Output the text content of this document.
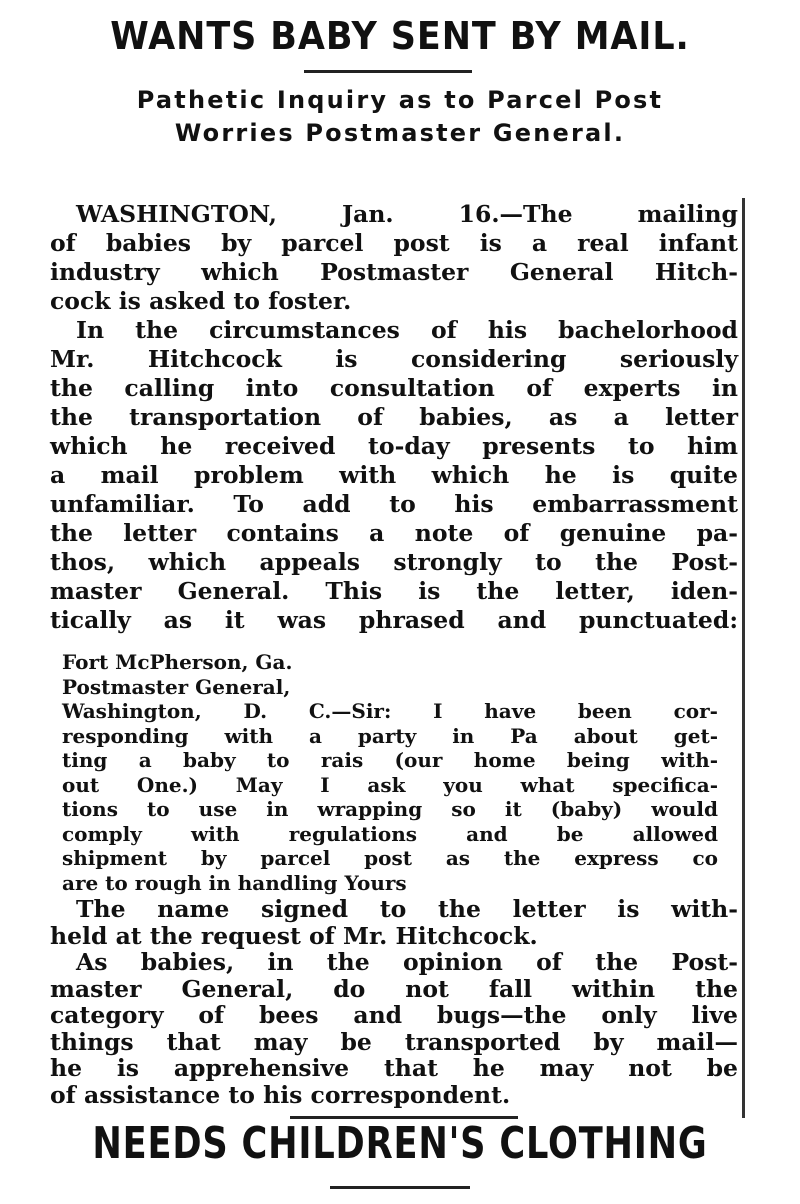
WANTS BABY SENT BY MAIL.
Pathetic Inquiry as to Parcel Post
Worries Postmaster General.
WASHINGTON, Jan. 16.—The mailing
of babies by parcel post is a real infant
industry which Postmaster General Hitch-
cock is asked to foster.
In the circumstances of his bachelorhood
Mr. Hitchcock is considering seriously
the calling into consultation of experts in
the transportation of babies, as a letter
which he received to-day presents to him
a mail problem with which he is quite
unfamiliar. To add to his embarrassment
the letter contains a note of genuine pa-
thos, which appeals strongly to the Post-
master General. This is the letter, iden-
tically as it was phrased and punctuated:
Fort McPherson, Ga.
Postmaster General,
Washington, D. C.—Sir: I have been cor-
responding with a party in Pa about get-
ting a baby to rais (our home being with-
out One.) May I ask you what specifica-
tions to use in wrapping so it (baby) would
comply with regulations and be allowed
shipment by parcel post as the express co
are to rough in handling Yours
The name signed to the letter is with-
held at the request of Mr. Hitchcock.
As babies, in the opinion of the Post-
master General, do not fall within the
category of bees and bugs—the only live
things that may be transported by mail—
he is apprehensive that he may not be
of assistance to his correspondent.
NEEDS CHILDREN'S CLOTHING
